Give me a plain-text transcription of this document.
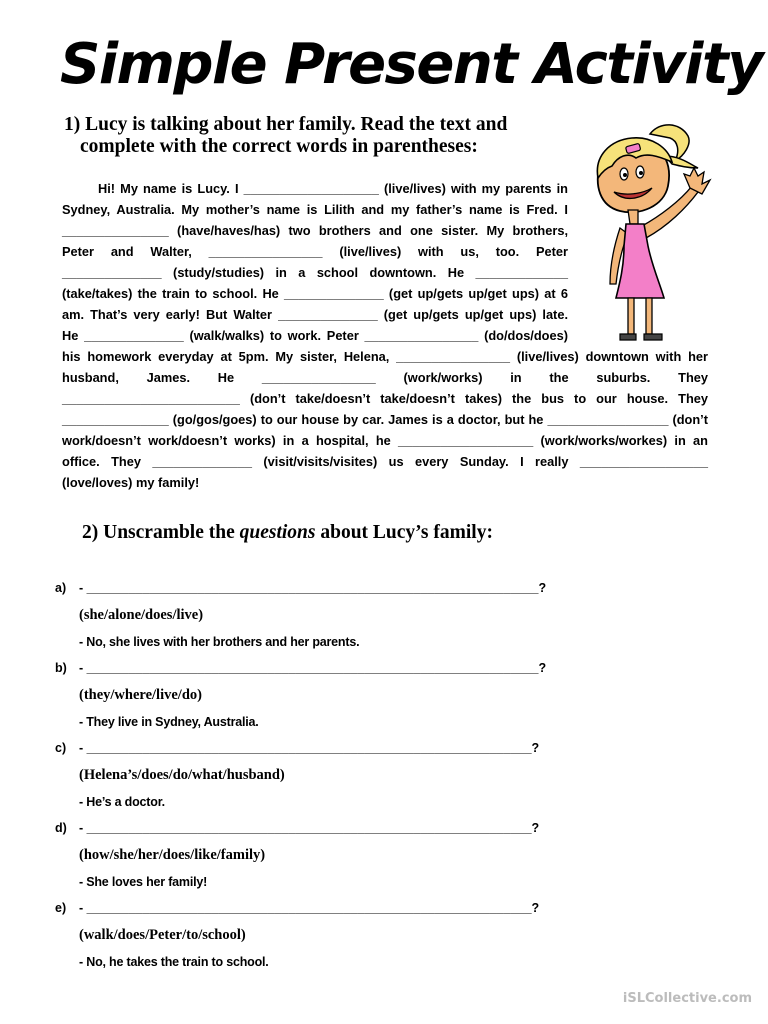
Simple Present Activity
1) Lucy is talking about her family. Read the text and
complete with the correct words in parentheses:
Hi! My name is Lucy. I ___________________ (live/lives) with my parents in
Sydney, Australia. My mother’s name is Lilith and my father’s name is Fred. I
_______________ (have/haves/has) two brothers and one sister. My brothers,
Peter and Walter, ________________ (live/lives) with us, too. Peter
______________ (study/studies) in a school downtown. He _____________
(take/takes) the train to school. He ______________ (get up/gets up/get ups) at 6
am. That’s very early! But Walter ______________ (get up/gets up/get ups) late.
He ______________ (walk/walks) to work. Peter ________________ (do/dos/does)
his homework everyday at 5pm. My sister, Helena, ________________ (live/lives) downtown with her
husband, James. He ________________ (work/works) in the suburbs. They
_________________________ (don’t take/doesn’t take/doesn’t takes) the bus to our house. They
_______________ (go/gos/goes) to our house by car. James is a doctor, but he _________________ (don’t
work/doesn’t work/doesn’t works) in a hospital, he ___________________ (work/works/workes) in an
office. They ______________ (visit/visits/visites) us every Sunday. I really __________________
(love/loves) my family!
2) Unscramble the questions about Lucy’s family:
a) - _________________________________________________________________?
(she/alone/does/live)
- No, she lives with her brothers and her parents.
b) - _________________________________________________________________?
(they/where/live/do)
- They live in Sydney, Australia.
c) - ________________________________________________________________?
(Helena’s/does/do/what/husband)
- He’s a doctor.
d) - ________________________________________________________________?
(how/she/her/does/like/family)
- She loves her family!
e) - ________________________________________________________________?
(walk/does/Peter/to/school)
- No, he takes the train to school.
iSLCollective.com
